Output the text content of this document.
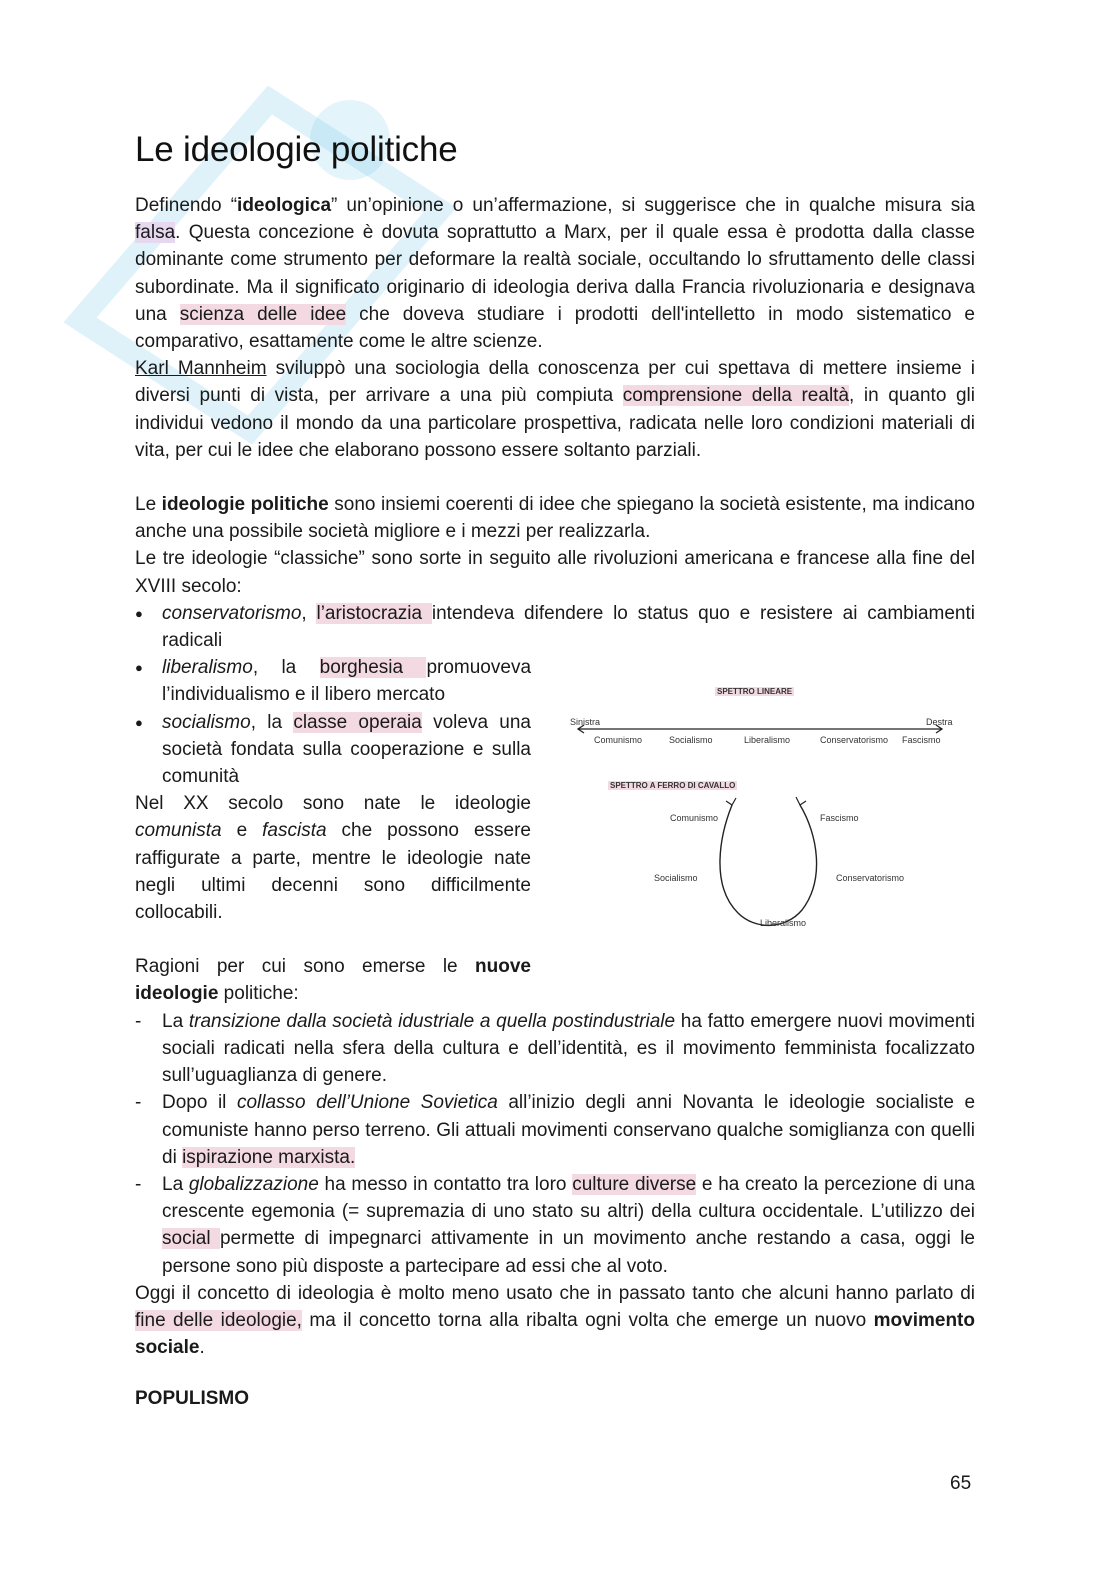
Le ideologie politiche

Definendo “ideologica” un’opinione o un’affermazione, si suggerisce che in qualche misura sia falsa. Questa concezione è dovuta soprattutto a Marx, per il quale essa è prodotta dalla classe dominante come strumento per deformare la realtà sociale, occultando lo sfruttamento delle classi subordinate. Ma il significato originario di ideologia deriva dalla Francia rivoluzionaria e designava una scienza delle idee che doveva studiare i prodotti dell'intelletto in modo sistematico e comparativo, esattamente come le altre scienze.

Karl Mannheim sviluppò una sociologia della conoscenza per cui spettava di mettere insieme i diversi punti di vista, per arrivare a una più compiuta comprensione della realtà, in quanto gli individui vedono il mondo da una particolare prospettiva, radicata nelle loro condizioni materiali di vita, per cui le idee che elaborano possono essere soltanto parziali.

Le ideologie politiche sono insiemi coerenti di idee che spiegano la società esistente, ma indicano anche una possibile società migliore e i mezzi per realizzarla.

Le tre ideologie “classiche” sono sorte in seguito alle rivoluzioni americana e francese alla fine del XVIII secolo:

● conservatorismo, l’aristocrazia intendeva difendere lo status quo e resistere ai cambiamenti radicali
● liberalismo, la borghesia promuoveva l’individualismo e il libero mercato
● socialismo, la classe operaia voleva una società fondata sulla cooperazione e sulla comunità

Nel XX secolo sono nate le ideologie comunista e fascista che possono essere raffigurate a parte, mentre le ideologie nate negli ultimi decenni sono difficilmente collocabili.

Ragioni per cui sono emerse le nuove ideologie politiche:

- La transizione dalla società idustriale a quella postindustriale ha fatto emergere nuovi movimenti sociali radicati nella sfera della cultura e dell’identità, es il movimento femminista focalizzato sull’uguaglianza di genere.
- Dopo il collasso dell’Unione Sovietica all’inizio degli anni Novanta le ideologie socialiste e comuniste hanno perso terreno. Gli attuali movimenti conservano qualche somiglianza con quelli di ispirazione marxista.
- La globalizzazione ha messo in contatto tra loro culture diverse e ha creato la percezione di una crescente egemonia (= supremazia di uno stato su altri) della cultura occidentale. L’utilizzo dei social permette di impegnarci attivamente in un movimento anche restando a casa, oggi le persone sono più disposte a partecipare ad essi che al voto.

Oggi il concetto di ideologia è molto meno usato che in passato tanto che alcuni hanno parlato di fine delle ideologie, ma il concetto torna alla ribalta ogni volta che emerge un nuovo movimento sociale.

POPULISMO
SPETTRO LINEARE
Sinistra	Destra
Comunismo	Socialismo	Liberalismo	Conservatorismo Fascismo
SPETTRO A FERRO DI CAVALLO
Comunismo	Fascismo
Socialismo	Conservatorismo
Liberalismo
65
